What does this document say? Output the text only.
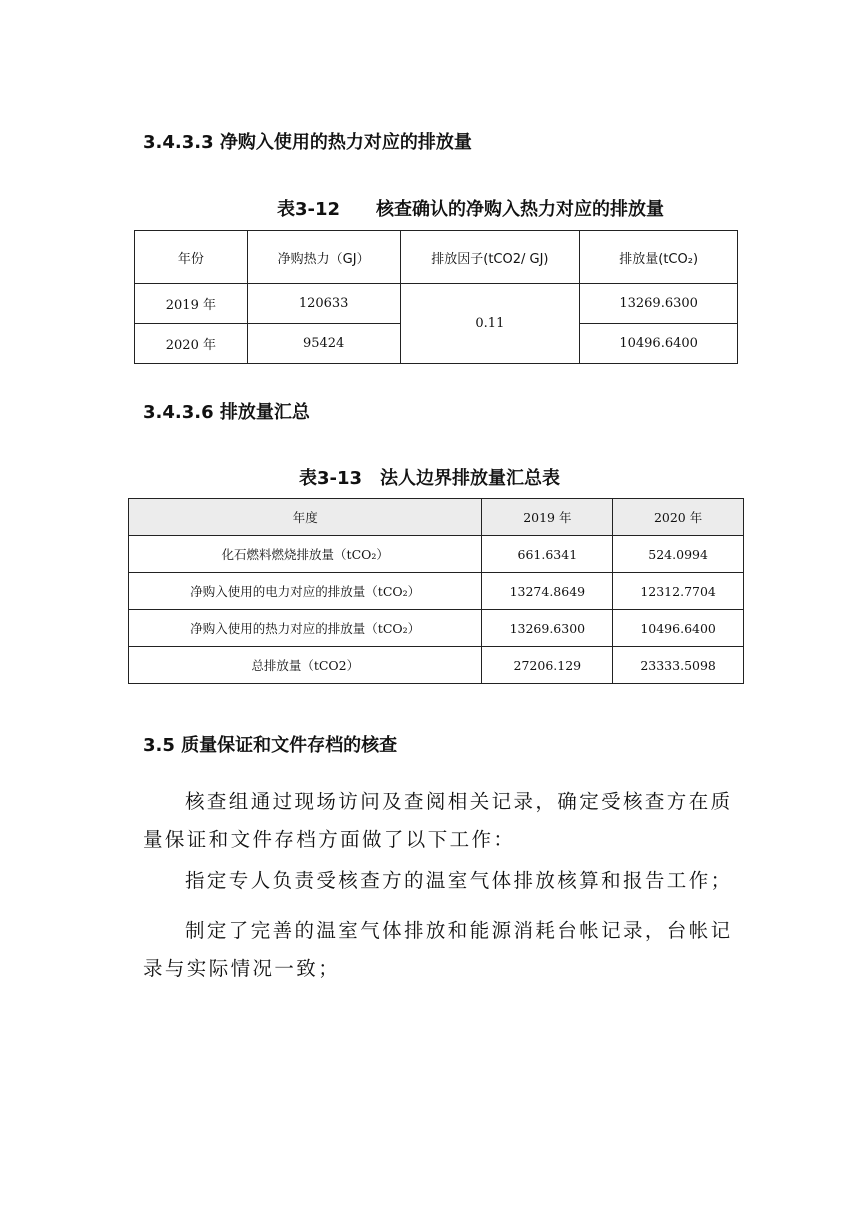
3.4.3.3 净购入使用的热力对应的排放量
表3-12　　核查确认的净购入热力对应的排放量
年份	净购热力（GJ）	排放因子(tCO2/ GJ)	排放量(tCO₂)
2019 年	120633	0.11	13269.6300
2020 年	95424		10496.6400
3.4.3.6 排放量汇总
表3-13　法人边界排放量汇总表
年度	2019 年	2020 年
化石燃料燃烧排放量（tCO₂）	661.6341	524.0994
净购入使用的电力对应的排放量（tCO₂）	13274.8649	12312.7704
净购入使用的热力对应的排放量（tCO₂）	13269.6300	10496.6400
总排放量（tCO2）	27206.129	23333.5098
3.5 质量保证和文件存档的核查
核查组通过现场访问及查阅相关记录，确定受核查方在质量保证和文件存档方面做了以下工作：
指定专人负责受核查方的温室气体排放核算和报告工作；
制定了完善的温室气体排放和能源消耗台帐记录，台帐记录与实际情况一致；
